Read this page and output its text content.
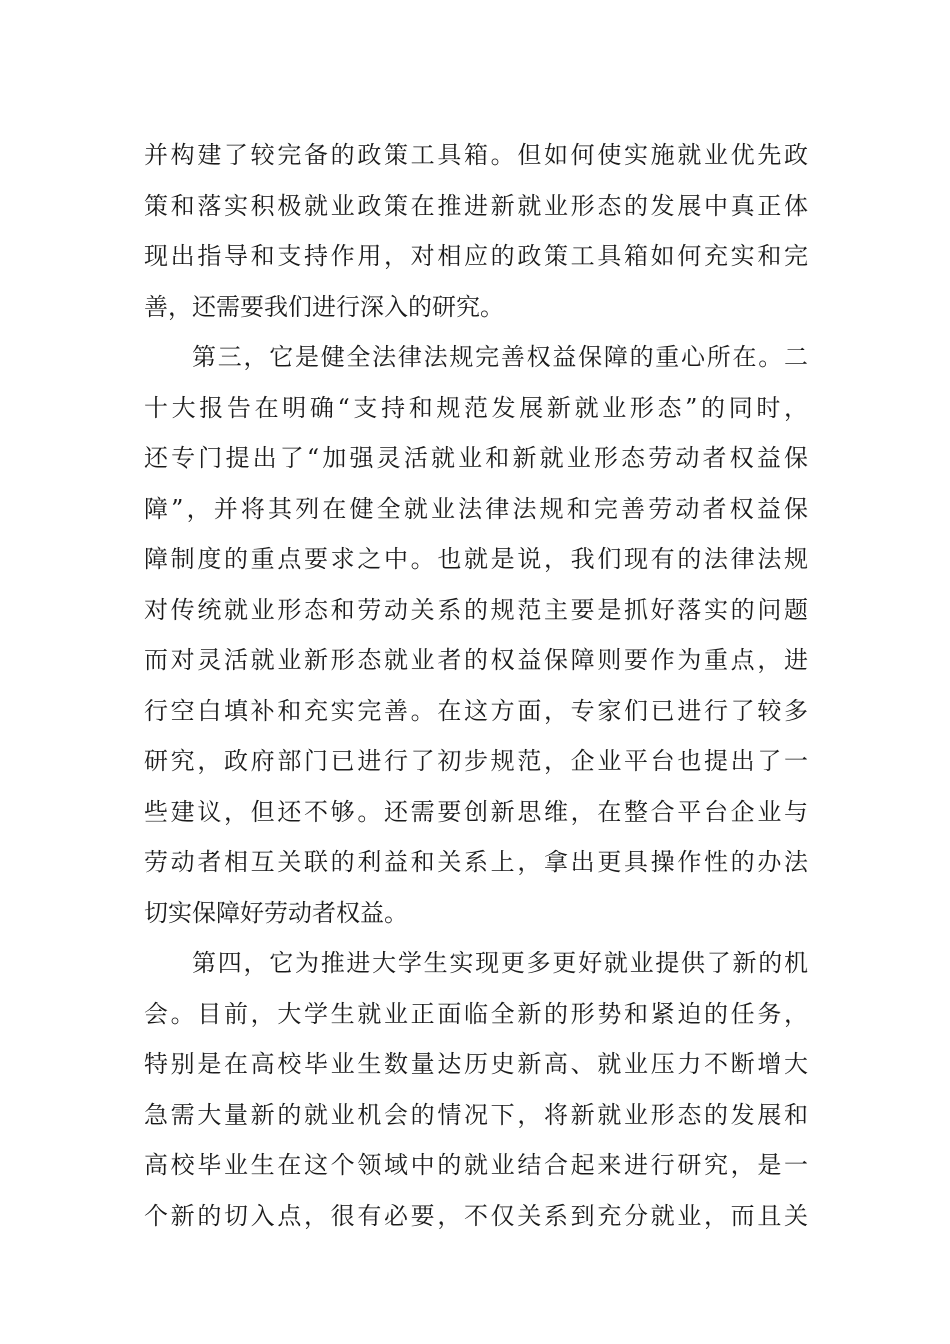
并构建了较完备的政策工具箱。但如何使实施就业优先政
策和落实积极就业政策在推进新就业形态的发展中真正体
现出指导和支持作用，对相应的政策工具箱如何充实和完
善，还需要我们进行深入的研究。
第三，它是健全法律法规完善权益保障的重心所在。二
十大报告在明确“支持和规范发展新就业形态”的同时，
还专门提出了“加强灵活就业和新就业形态劳动者权益保
障”，并将其列在健全就业法律法规和完善劳动者权益保
障制度的重点要求之中。也就是说，我们现有的法律法规
对传统就业形态和劳动关系的规范主要是抓好落实的问题
而对灵活就业新形态就业者的权益保障则要作为重点，进
行空白填补和充实完善。在这方面，专家们已进行了较多
研究，政府部门已进行了初步规范，企业平台也提出了一
些建议，但还不够。还需要创新思维，在整合平台企业与
劳动者相互关联的利益和关系上，拿出更具操作性的办法
切实保障好劳动者权益。
第四，它为推进大学生实现更多更好就业提供了新的机
会。目前，大学生就业正面临全新的形势和紧迫的任务，
特别是在高校毕业生数量达历史新高、就业压力不断增大
急需大量新的就业机会的情况下，将新就业形态的发展和
高校毕业生在这个领域中的就业结合起来进行研究，是一
个新的切入点，很有必要，不仅关系到充分就业，而且关
